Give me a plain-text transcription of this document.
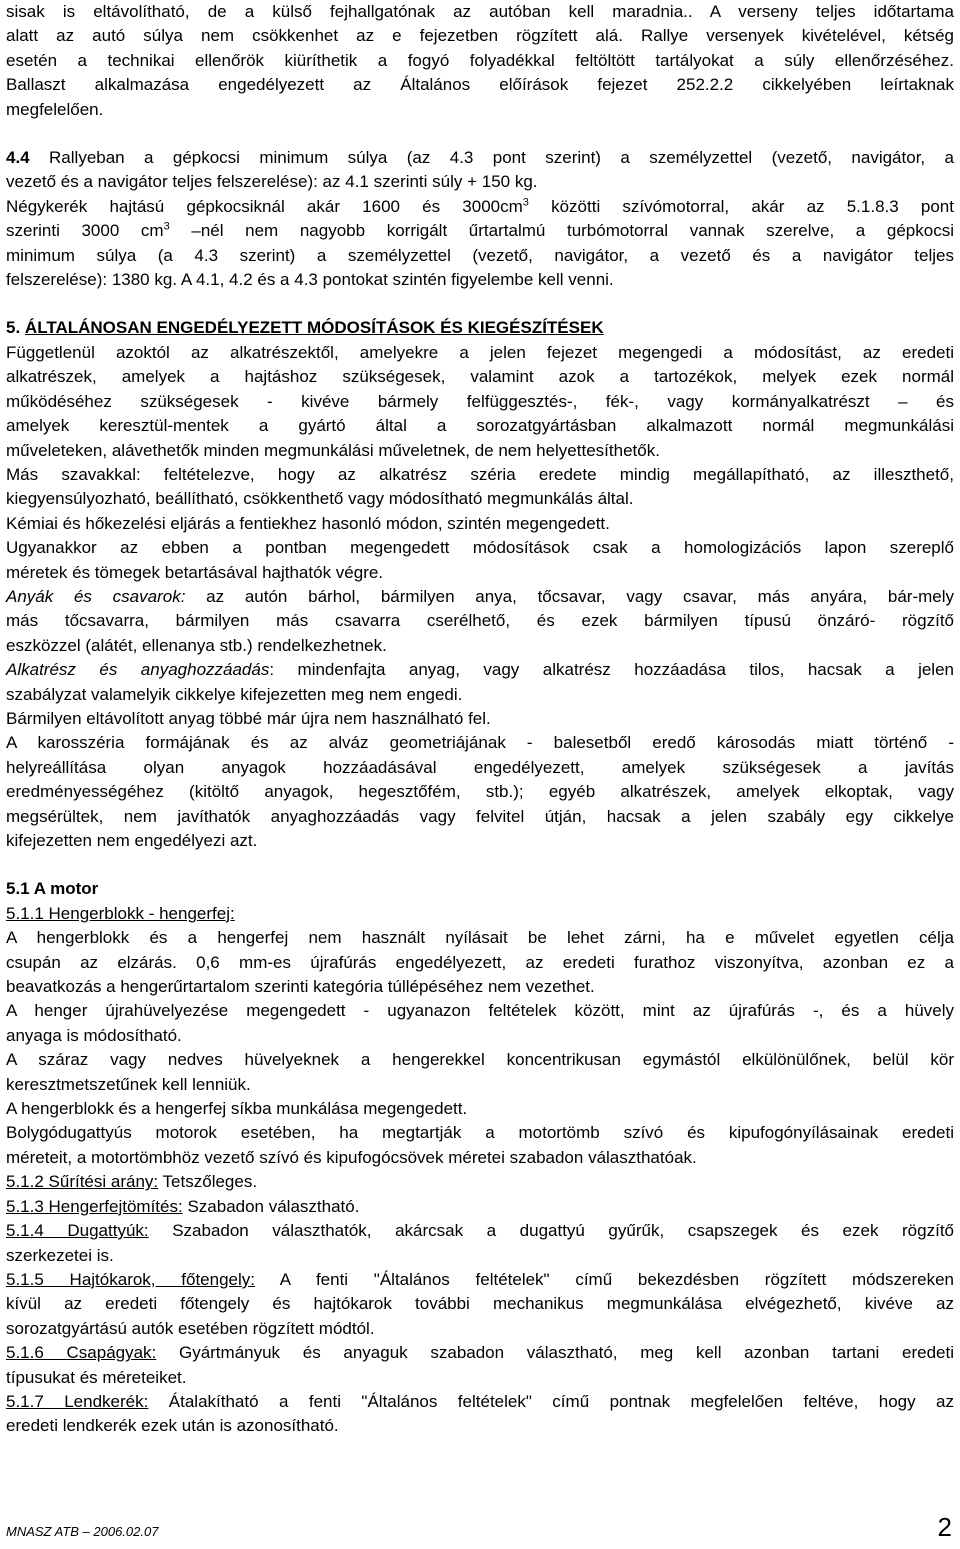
sisak is eltávolítható, de a külső fejhallgatónak az autóban kell maradnia.. A verseny teljes időtartama
alatt az autó súlya nem csökkenhet az e fejezetben rögzített alá. Rallye versenyek kivételével, kétség
esetén a technikai ellenőrök kiüríthetik a fogyó folyadékkal feltöltött tartályokat a súly ellenőrzéséhez.
Ballaszt alkalmazása engedélyezett az Általános előírások fejezet 252.2.2 cikkelyében leírtaknak
megfelelően.
4.4 Rallyeban a gépkocsi minimum súlya (az 4.3 pont szerint) a személyzettel (vezető, navigátor, a
vezető és a navigátor teljes felszerelése): az 4.1 szerinti súly + 150 kg.
Négykerék hajtású gépkocsiknál akár 1600 és $3000cm^3$ közötti szívómotorral, akár az 5.1.8.3 pont
szerinti 3000 $cm^3$ –nél nem nagyobb korrigált űrtartalmú turbómotorral vannak szerelve, a gépkocsi
minimum súlya (a 4.3 szerint) a személyzettel (vezető, navigátor, a vezető és a navigátor teljes
felszerelése): 1380 kg. A 4.1, 4.2 és a 4.3 pontokat szintén figyelembe kell venni.
5. ÁLTALÁNOSAN ENGEDÉLYEZETT MÓDOSÍTÁSOK ÉS KIEGÉSZÍTÉSEK
Függetlenül azoktól az alkatrészektől, amelyekre a jelen fejezet megengedi a módosítást, az eredeti
alkatrészek, amelyek a hajtáshoz szükségesek, valamint azok a tartozékok, melyek ezek normál
működéséhez szükségesek - kivéve bármely felfüggesztés-, fék-, vagy kormányalkatrészt – és
amelyek keresztül-mentek a gyártó által a sorozatgyártásban alkalmazott normál megmunkálási
műveleteken, alávethetők minden megmunkálási műveletnek, de nem helyettesíthetők.
Más szavakkal: feltételezve, hogy az alkatrész széria eredete mindig megállapítható, az illeszthető,
kiegyensúlyozható, beállítható, csökkenthető vagy módosítható megmunkálás által.
Kémiai és hőkezelési eljárás a fentiekhez hasonló módon, szintén megengedett.
Ugyanakkor az ebben a pontban megengedett módosítások csak a homologizációs lapon szereplő
méretek és tömegek betartásával hajthatók végre.
Anyák és csavarok: az autón bárhol, bármilyen anya, tőcsavar, vagy csavar, más anyára, bár-mely
más tőcsavarra, bármilyen más csavarra cserélhető, és ezek bármilyen típusú önzáró- rögzítő
eszközzel (alátét, ellenanya stb.) rendelkezhetnek.
Alkatrész és anyaghozzáadás: mindenfajta anyag, vagy alkatrész hozzáadása tilos, hacsak a jelen
szabályzat valamelyik cikkelye kifejezetten meg nem engedi.
Bármilyen eltávolított anyag többé már újra nem használható fel.
A karosszéria formájának és az alváz geometriájának - balesetből eredő károsodás miatt történő -
helyreállítása olyan anyagok hozzáadásával engedélyezett, amelyek szükségesek a javítás
eredményességéhez (kitöltő anyagok, hegesztőfém, stb.); egyéb alkatrészek, amelyek elkoptak, vagy
megsérültek, nem javíthatók anyaghozzáadás vagy felvitel útján, hacsak a jelen szabály egy cikkelye
kifejezetten nem engedélyezi azt.
5.1 A motor
5.1.1 Hengerblokk - hengerfej:
A hengerblokk és a hengerfej nem használt nyílásait be lehet zárni, ha e művelet egyetlen célja
csupán az elzárás. 0,6 mm-es újrafúrás engedélyezett, az eredeti furathoz viszonyítva, azonban ez a
beavatkozás a hengerűrtartalom szerinti kategória túllépéséhez nem vezethet.
A henger újrahüvelyezése megengedett - ugyanazon feltételek között, mint az újrafúrás -, és a hüvely
anyaga is módosítható.
A száraz vagy nedves hüvelyeknek a hengerekkel koncentrikusan egymástól elkülönülőnek, belül kör
keresztmetszetűnek kell lenniük.
A hengerblokk és a hengerfej síkba munkálása megengedett.
Bolygódugattyús motorok esetében, ha megtartják a motortömb szívó és kipufogónyílásainak eredeti
méreteit, a motortömbhöz vezető szívó és kipufogócsövek méretei szabadon választhatóak.
5.1.2 Sűrítési arány: Tetszőleges.
5.1.3 Hengerfejtömítés: Szabadon választható.
5.1.4 Dugattyúk: Szabadon választhatók, akárcsak a dugattyú gyűrűk, csapszegek és ezek rögzítő
szerkezetei is.
5.1.5 Hajtókarok, főtengely: A fenti "Általános feltételek" című bekezdésben rögzített módszereken
kívül az eredeti főtengely és hajtókarok további mechanikus megmunkálása elvégezhető, kivéve az
sorozatgyártású autók esetében rögzített módtól.
5.1.6 Csapágyak: Gyártmányuk és anyaguk szabadon választható, meg kell azonban tartani eredeti
típusukat és méreteiket.
5.1.7 Lendkerék: Átalakítható a fenti "Általános feltételek" című pontnak megfelelően feltéve, hogy az
eredeti lendkerék ezek után is azonosítható.
MNASZ ATB – 2006.02.07	2
